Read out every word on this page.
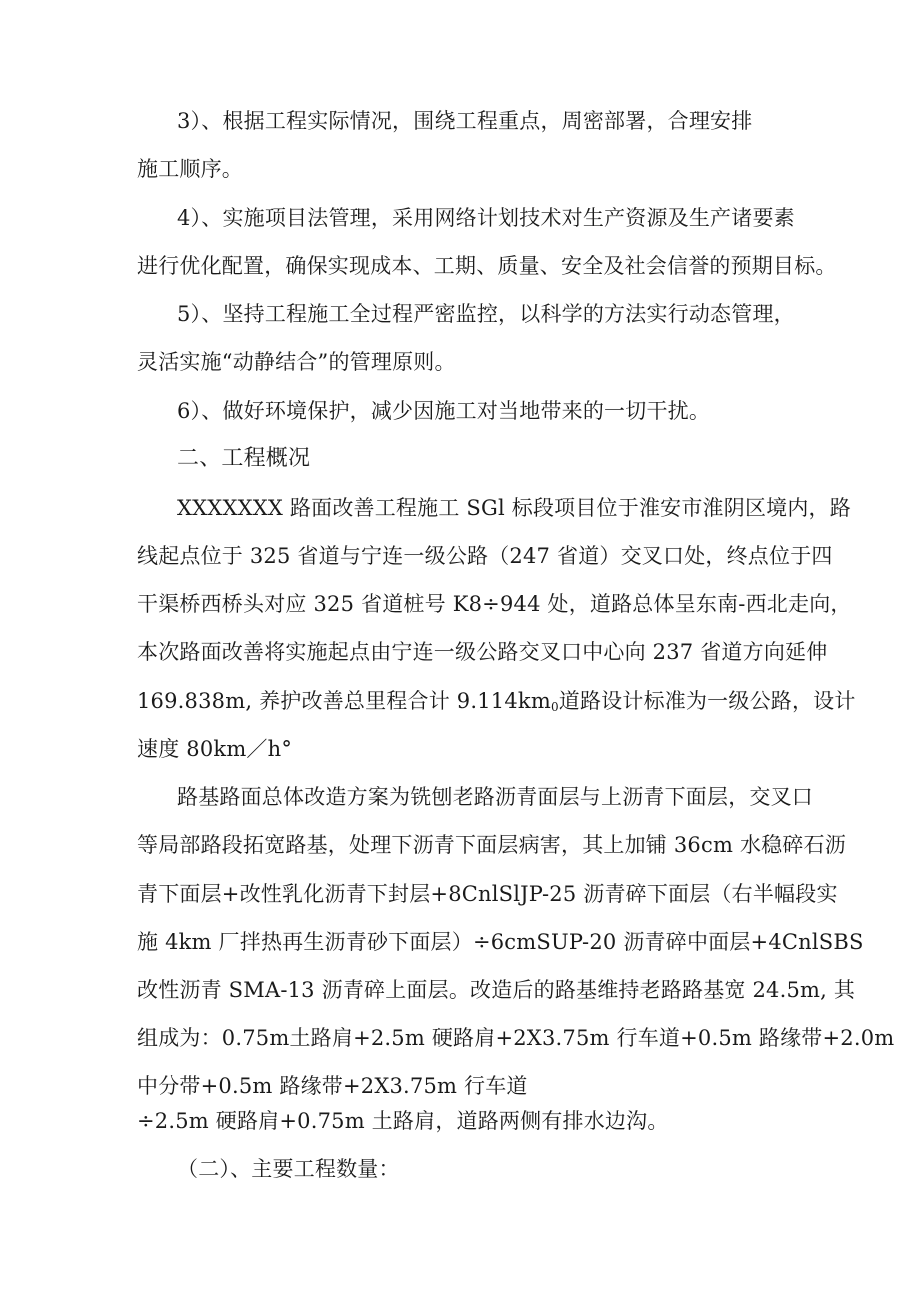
3）、根据工程实际情况，围绕工程重点，周密部署，合理安排
施工顺序。
4）、实施项目法管理，采用网络计划技术对生产资源及生产诸要素
进行优化配置，确保实现成本、工期、质量、安全及社会信誉的预期目标。
5）、坚持工程施工全过程严密监控，以科学的方法实行动态管理，
灵活实施“动静结合”的管理原则。
6）、做好环境保护，减少因施工对当地带来的一切干扰。
二、工程概况
XXXXXXX 路面改善工程施工 SGl 标段项目位于淮安市淮阴区境内，路
线起点位于 325 省道与宁连一级公路（247 省道）交叉口处，终点位于四
干渠桥西桥头对应 325 省道桩号 K8÷944 处，道路总体呈东南-西北走向，
本次路面改善将实施起点由宁连一级公路交叉口中心向 237 省道方向延伸
169.838m, 养护改善总里程合计 $9.114km_0$道路设计标准为一级公路，设计
速度 80km／h°
路基路面总体改造方案为铣刨老路沥青面层与上沥青下面层，交叉口
等局部路段拓宽路基，处理下沥青下面层病害，其上加铺 36cm 水稳碎石沥
青下面层+改性乳化沥青下封层+8CnlSlJP-25 沥青碎下面层（右半幅段实
施 4km 厂拌热再生沥青砂下面层）÷6cmSUP-20 沥青碎中面层+4CnlSBS
改性沥青 SMA-13 沥青碎上面层。改造后的路基维持老路路基宽 24.5m, 其
组成为：0.75m土路肩+2.5m 硬路肩+2X3.75m 行车道+0.5m 路缘带+2.0m
中分带+0.5m 路缘带+2X3.75m 行车道
÷2.5m 硬路肩+0.75m 土路肩，道路两侧有排水边沟。
（二）、主要工程数量：
